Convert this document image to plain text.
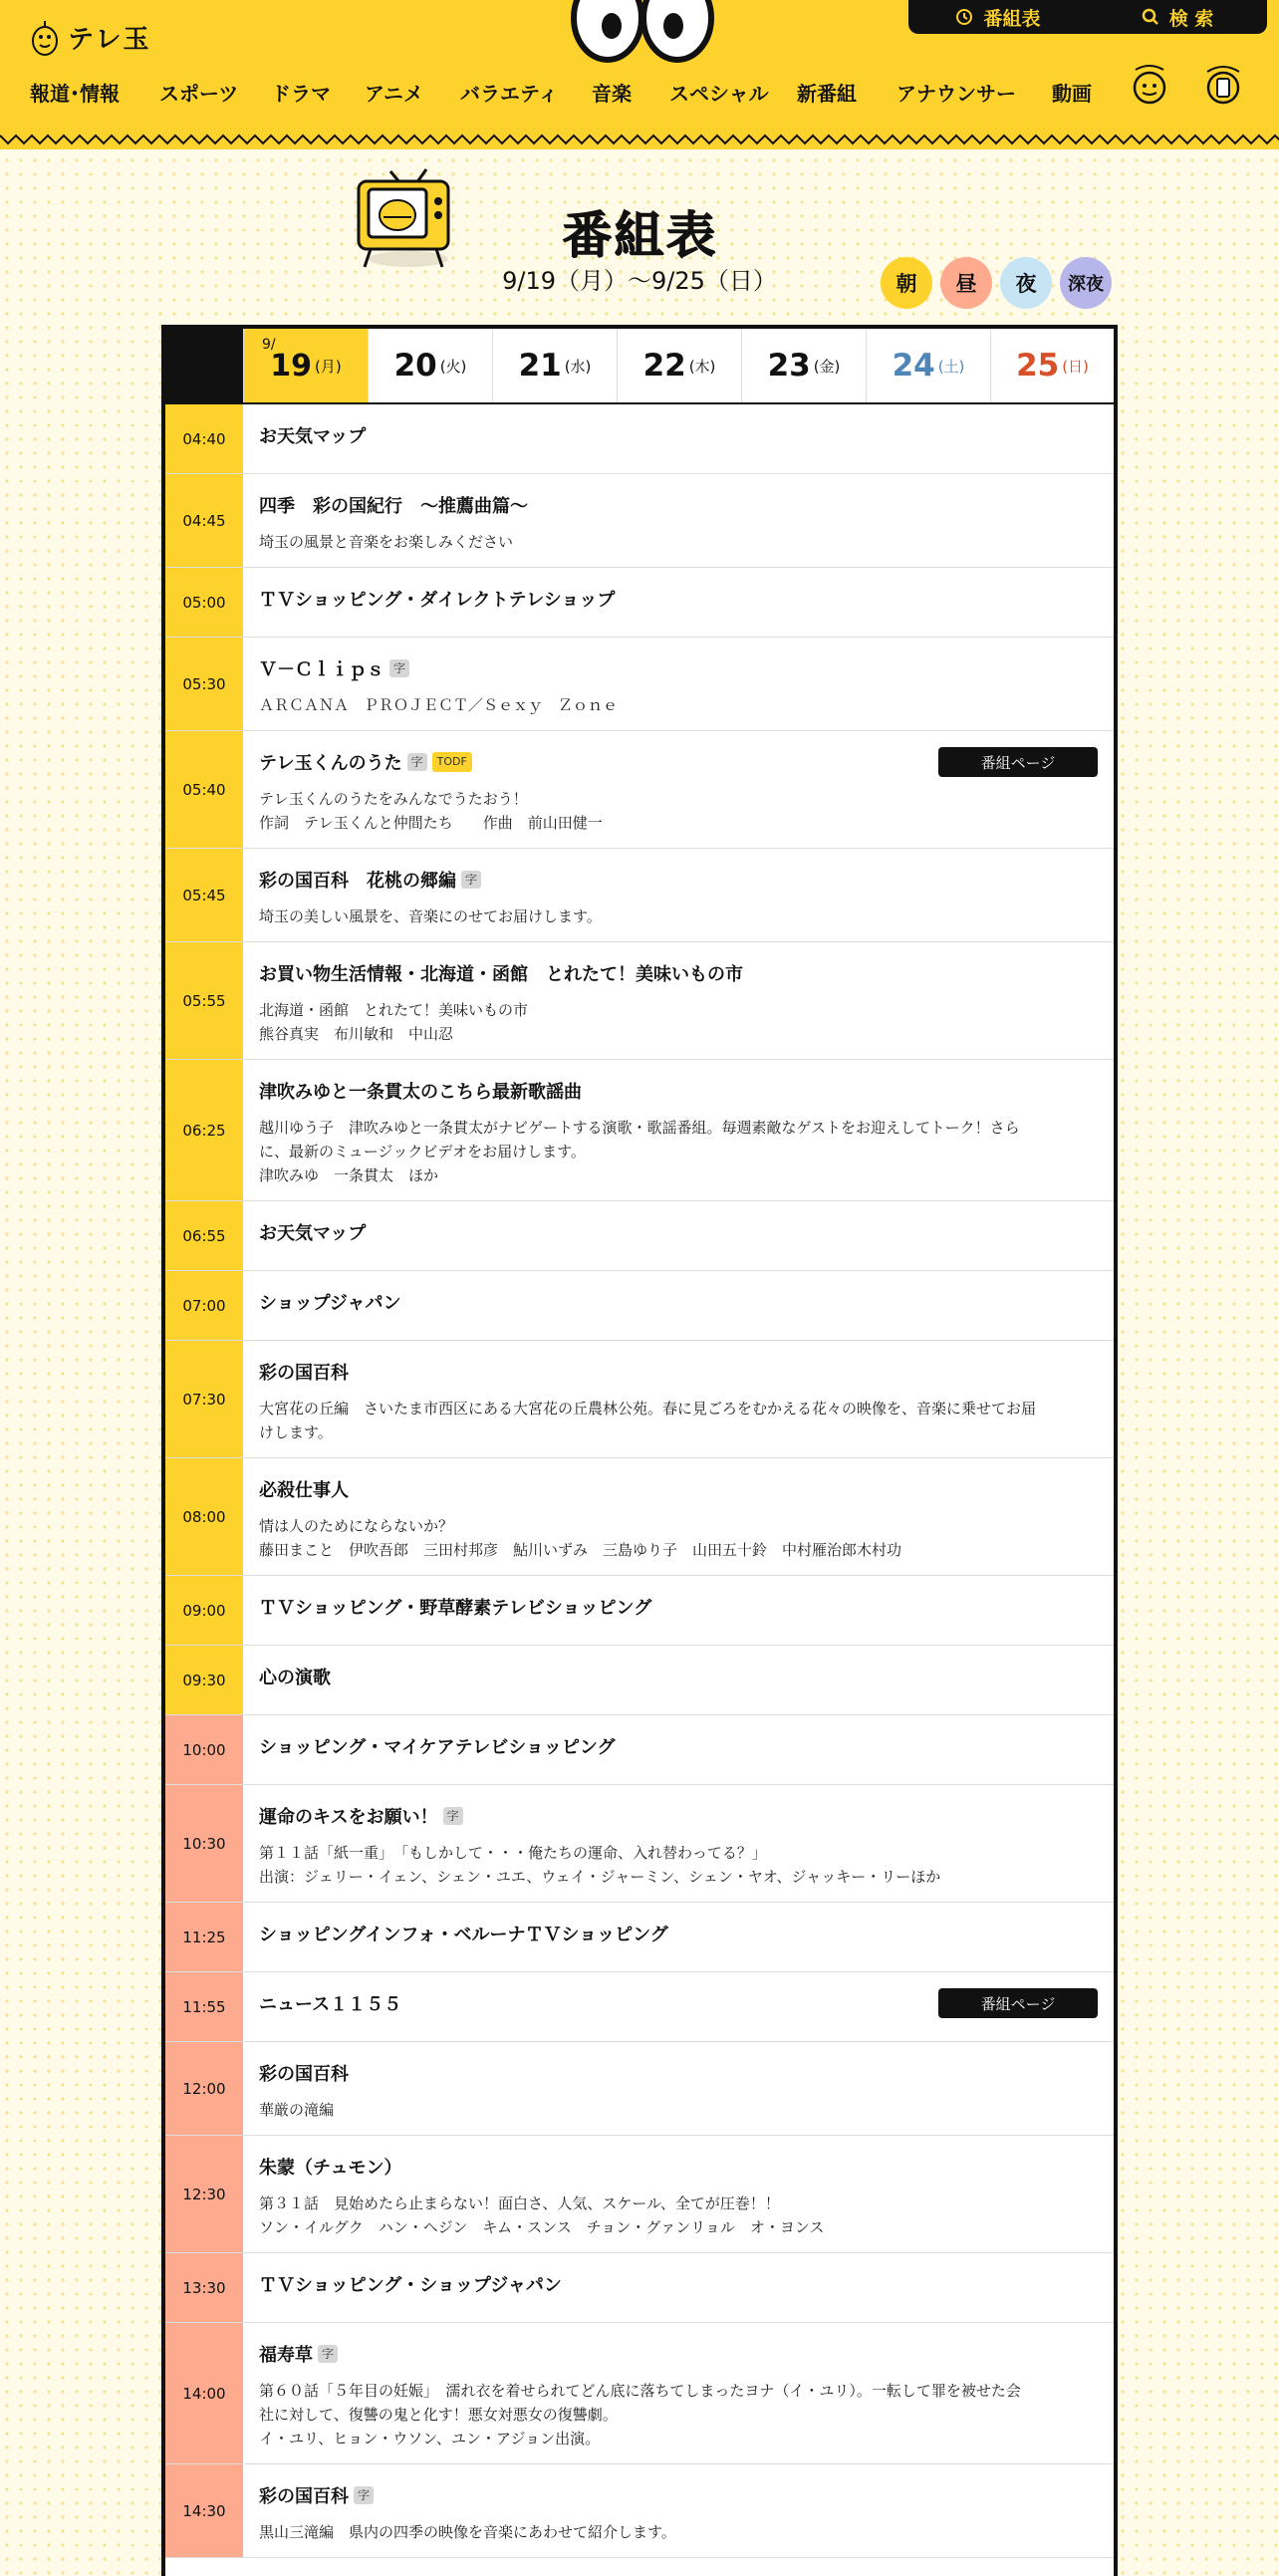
テレ玉
番組表	検 索
報道･情報 スポーツ ドラマ アニメ バラエティ 音楽 スペシャル 新番組 アナウンサー 動画
番組表
9/19（月）〜9/25（日）	朝	昼	夜	深夜
9/
19 (月) 20 (火) 21 (水) 22 (木) 23 (金) 24 (土) 25 (日)
04:40	お天気マップ
04:45
四季　彩の国紀行　～推薦曲篇～
埼玉の風景と音楽をお楽しみください
05:00	ＴＶショッピング・ダイレクトテレショップ
05:30
Ｖ－Ｃｌｉｐｓ 字
ＡＲＣＡＮＡ　ＰＲＯＪＥＣＴ／Ｓｅｘｙ　Ｚｏｎｅ
05:40
テレ玉くんのうた 字	TODF
テレ玉くんのうたをみんなでうたおう！
作詞　テレ玉くんと仲間たち　　作曲　前山田健一
番組ページ
05:45
彩の国百科　花桃の郷編 字
埼玉の美しい風景を、音楽にのせてお届けします。
05:55
お買い物生活情報・北海道・函館　とれたて！美味いもの市
北海道・函館　とれたて！美味いもの市
熊谷真実　布川敏和　中山忍
06:25
津吹みゆと一条貫太のこちら最新歌謡曲
越川ゆう子　津吹みゆと一条貫太がナビゲートする演歌・歌謡番組。毎週素敵なゲストをお迎えしてトーク！さら
に、最新のミュージックビデオをお届けします。
津吹みゆ　一条貫太　ほか
06:55	お天気マップ
07:00	ショップジャパン
07:30
彩の国百科
大宮花の丘編　さいたま市西区にある大宮花の丘農林公苑。春に見ごろをむかえる花々の映像を、音楽に乗せてお届
けします。
08:00
必殺仕事人
情は人のためにならないか？
藤田まこと　伊吹吾郎　三田村邦彦　鮎川いずみ　三島ゆり子　山田五十鈴　中村雁治郎木村功
09:00	ＴＶショッピング・野草酵素テレビショッピング
09:30	心の演歌
10:00	ショッピング・マイケアテレビショッピング
10:30
運命のキスをお願い！ 字
第１１話「紙一重」　「もしかして・・・俺たちの運命、入れ替わってる？」
出演：ジェリー・イェン、シェン・ユエ、ウェイ・ジャーミン、シェン・ヤオ、ジャッキー・リーほか
11:25	ショッピングインフォ・ベルーナＴＶショッピング
11:55	ニュース１１５５	番組ページ
12:00
彩の国百科
華厳の滝編
12:30
朱蒙（チュモン）
第３１話　見始めたら止まらない！面白さ、人気、スケール、全てが圧巻！！
ソン・イルグク　ハン・ヘジン　キム・スンス　チョン・グァンリョル　オ・ヨンス
13:30	ＴＶショッピング・ショップジャパン
14:00
福寿草 字
第６０話「５年目の妊娠」　濡れ衣を着せられてどん底に落ちてしまったヨナ（イ・ユリ）。一転して罪を被せた会
社に対して、復讐の鬼と化す！悪女対悪女の復讐劇。
イ・ユリ、ヒョン・ウソン、ユン・アジョン出演。
14:30
彩の国百科 字
黒山三滝編　県内の四季の映像を音楽にあわせて紹介します。
